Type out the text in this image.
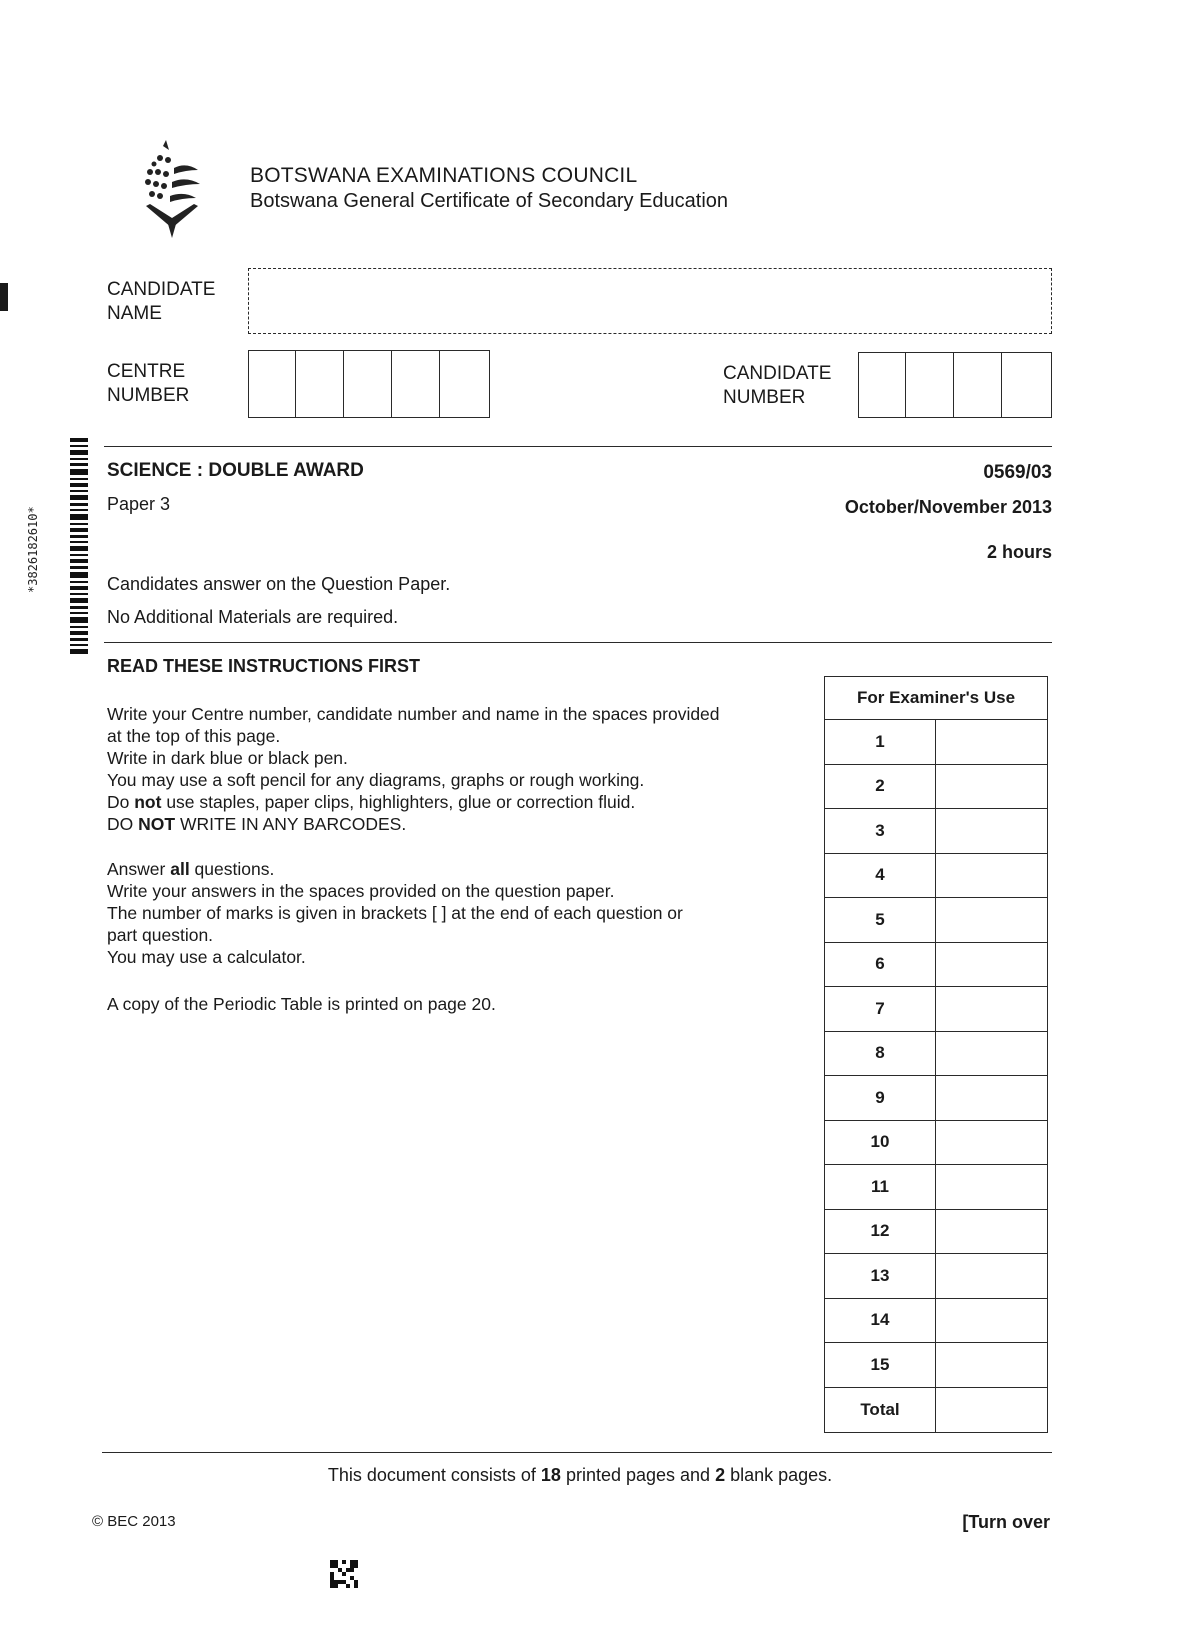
BOTSWANA EXAMINATIONS COUNCIL
Botswana General Certificate of Secondary Education
CANDIDATE
NAME
CENTRE
NUMBER
CANDIDATE
NUMBER
*3826182610*
SCIENCE : DOUBLE AWARD	0569/03
Paper 3	October/November 2013
2 hours
Candidates answer on the Question Paper.
No Additional Materials are required.
READ THESE INSTRUCTIONS FIRST
Write your Centre number, candidate number and name in the spaces provided
at the top of this page.
Write in dark blue or black pen.
You may use a soft pencil for any diagrams, graphs or rough working.
Do not use staples, paper clips, highlighters, glue or correction fluid.
DO NOT WRITE IN ANY BARCODES.
Answer all questions.
Write your answers in the spaces provided on the question paper.
The number of marks is given in brackets [ ] at the end of each question or
part question.
You may use a calculator.
A copy of the Periodic Table is printed on page 20.
For Examiner's Use
1
2
3
4
5
6
7
8
9
10
11
12
13
14
15
Total
This document consists of 18 printed pages and 2 blank pages.
© BEC 2013	[Turn over
